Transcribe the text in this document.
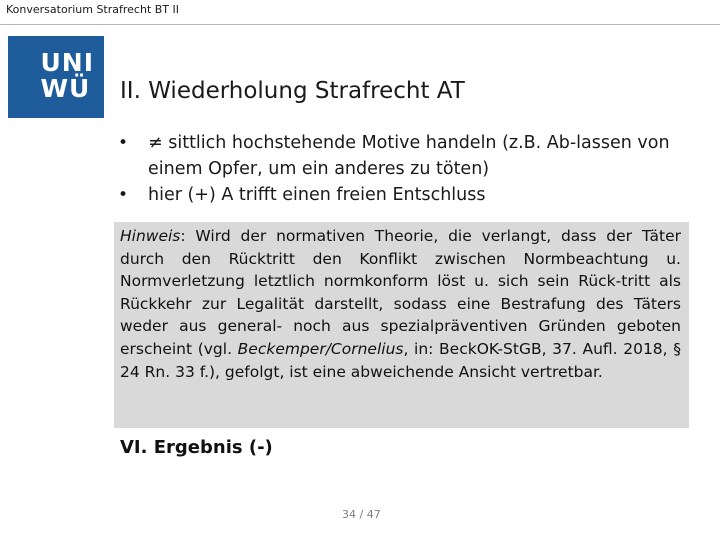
Konversatorium Strafrecht BT II
UNI
WÜ II. Wiederholung Strafrecht AT
• ≠ sittlich hochstehende Motive handeln (z.B. Ab-lassen von einem Opfer, um ein anderes zu töten)
• hier (+) A trifft einen freien Entschluss
Hinweis: Wird der normativen Theorie, die verlangt, dass der Täter durch den Rücktritt den Konflikt zwischen Normbeachtung u. Normverletzung letztlich normkonform löst u. sich sein Rück-tritt als Rückkehr zur Legalität darstellt, sodass eine Bestrafung des Täters weder aus general- noch aus spezialpräventiven Gründen geboten erscheint (vgl. Beckemper/Cornelius, in: BeckOK-StGB, 37. Aufl. 2018, § 24 Rn. 33 f.), gefolgt, ist eine abweichende Ansicht vertretbar.
VI. Ergebnis (-)
34 / 47
